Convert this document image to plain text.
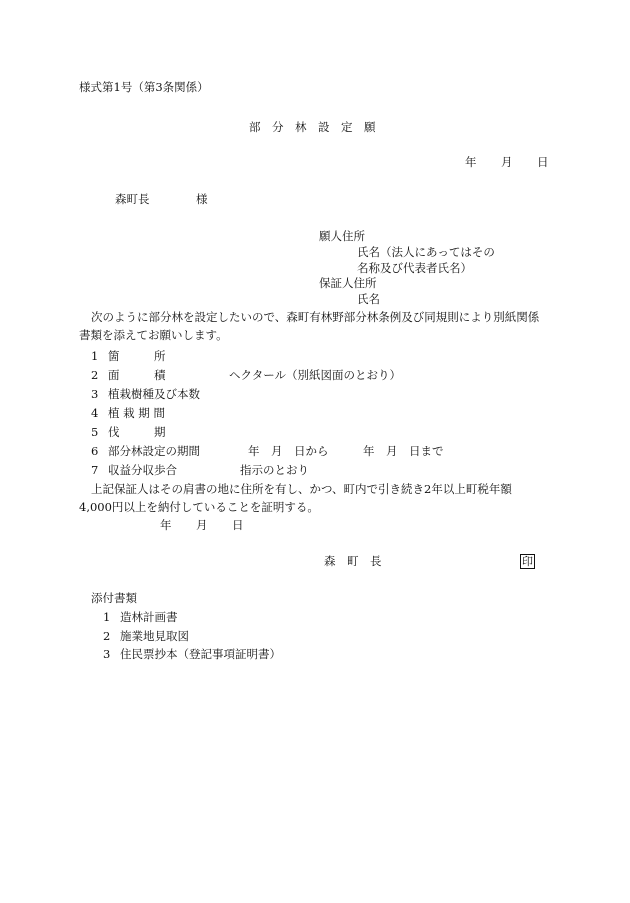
様式第1号（第3条関係）
部　分　林　設　定　願
年 月 日
森町長	様
願人住所
氏名（法人にあってはその
名称及び代表者氏名）
保証人住所
氏名
次のように部分林を設定したいので、森町有林野部分林条例及び同規則により別紙関係
書類を添えてお願いします。
1 箇　　　所
2 面　　　積	ヘクタール（別紙図面のとおり）
3 植栽樹種及び本数
4 植 栽 期 間
5 伐　　　期
6 部分林設定の期間	年　月　日から　　　年　月　日まで
7 収益分収歩合	指示のとおり
上記保証人はその肩書の地に住所を有し、かつ、町内で引き続き2年以上町税年額
4,000円以上を納付していることを証明する。
年 月 日
森　町　長	印
添付書類
1 造林計画書
2 施業地見取図
3 住民票抄本（登記事項証明書）
